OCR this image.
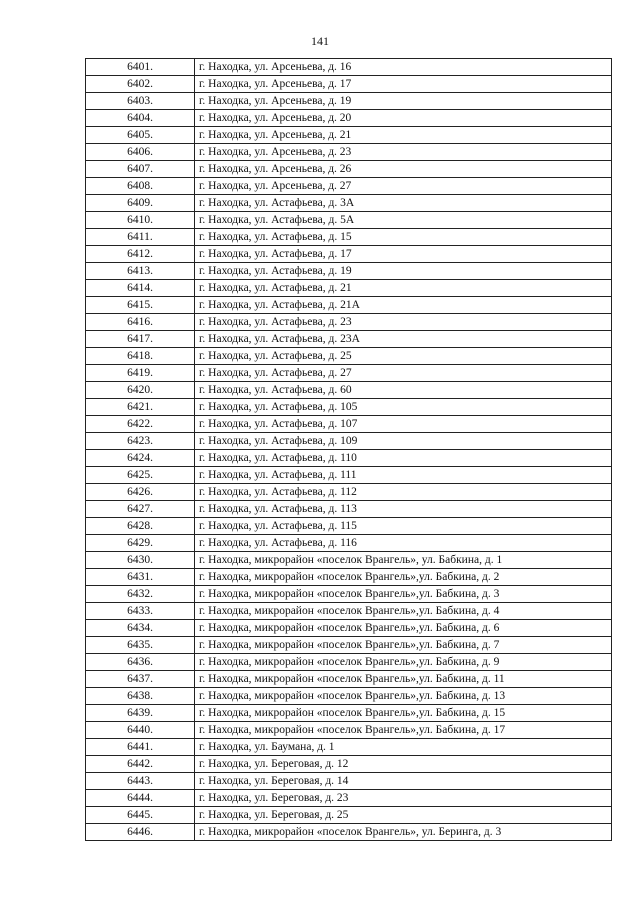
141
6401.	г. Находка, ул. Арсеньева, д. 16
6402.	г. Находка, ул. Арсеньева, д. 17
6403.	г. Находка, ул. Арсеньева, д. 19
6404.	г. Находка, ул. Арсеньева, д. 20
6405.	г. Находка, ул. Арсеньева, д. 21
6406.	г. Находка, ул. Арсеньева, д. 23
6407.	г. Находка, ул. Арсеньева, д. 26
6408.	г. Находка, ул. Арсеньева, д. 27
6409.	г. Находка, ул. Астафьева, д. 3А
6410.	г. Находка, ул. Астафьева, д. 5А
6411.	г. Находка, ул. Астафьева, д. 15
6412.	г. Находка, ул. Астафьева, д. 17
6413.	г. Находка, ул. Астафьева, д. 19
6414.	г. Находка, ул. Астафьева, д. 21
6415.	г. Находка, ул. Астафьева, д. 21А
6416.	г. Находка, ул. Астафьева, д. 23
6417.	г. Находка, ул. Астафьева, д. 23А
6418.	г. Находка, ул. Астафьева, д. 25
6419.	г. Находка, ул. Астафьева, д. 27
6420.	г. Находка, ул. Астафьева, д. 60
6421.	г. Находка, ул. Астафьева, д. 105
6422.	г. Находка, ул. Астафьева, д. 107
6423.	г. Находка, ул. Астафьева, д. 109
6424.	г. Находка, ул. Астафьева, д. 110
6425.	г. Находка, ул. Астафьева, д. 111
6426.	г. Находка, ул. Астафьева, д. 112
6427.	г. Находка, ул. Астафьева, д. 113
6428.	г. Находка, ул. Астафьева, д. 115
6429.	г. Находка, ул. Астафьева, д. 116
6430.	г. Находка, микрорайон «поселок Врангель», ул. Бабкина, д. 1
6431.	г. Находка, микрорайон «поселок Врангель»,ул. Бабкина, д. 2
6432.	г. Находка, микрорайон «поселок Врангель»,ул. Бабкина, д. 3
6433.	г. Находка, микрорайон «поселок Врангель»,ул. Бабкина, д. 4
6434.	г. Находка, микрорайон «поселок Врангель»,ул. Бабкина, д. 6
6435.	г. Находка, микрорайон «поселок Врангель»,ул. Бабкина, д. 7
6436.	г. Находка, микрорайон «поселок Врангель»,ул. Бабкина, д. 9
6437.	г. Находка, микрорайон «поселок Врангель»,ул. Бабкина, д. 11
6438.	г. Находка, микрорайон «поселок Врангель»,ул. Бабкина, д. 13
6439.	г. Находка, микрорайон «поселок Врангель»,ул. Бабкина, д. 15
6440.	г. Находка, микрорайон «поселок Врангель»,ул. Бабкина, д. 17
6441.	г. Находка, ул. Баумана, д. 1
6442.	г. Находка, ул. Береговая, д. 12
6443.	г. Находка, ул. Береговая, д. 14
6444.	г. Находка, ул. Береговая, д. 23
6445.	г. Находка, ул. Береговая, д. 25
6446.	г. Находка, микрорайон «поселок Врангель», ул. Беринга, д. 3
